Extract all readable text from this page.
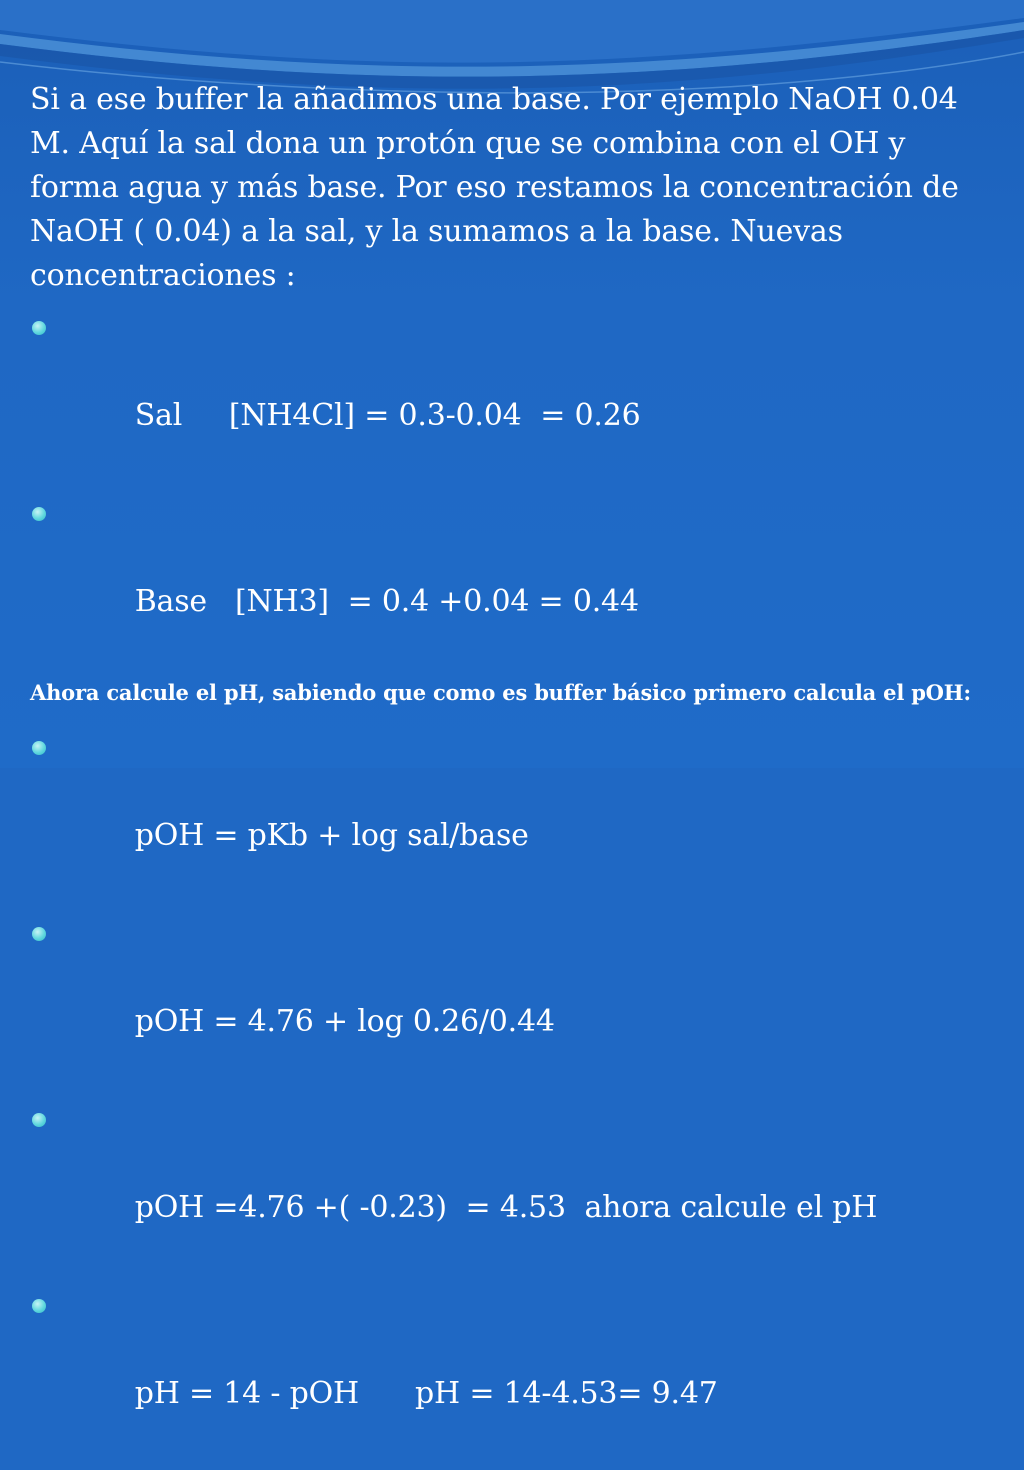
Si a ese buffer la añadimos una base. Por ejemplo NaOH 0.04 M. Aquí la sal dona un protón que se combina con el OH y forma agua y más base. Por eso restamos la concentración de NaOH ( 0.04) a la sal, y la sumamos a la base. Nuevas concentraciones :

Sal     [NH4Cl] = 0.3-0.04  = 0.26

Base   [NH3]  = 0.4 +0.04 = 0.44

Ahora calcule el pH, sabiendo que como es buffer básico primero calcula el pOH:

pOH = pKb + log sal/base

pOH = 4.76 + log 0.26/0.44

pOH =4.76 +( -0.23)  = 4.53  ahora calcule el pH

pH = 14 - pOH      pH = 14-4.53= 9.47
